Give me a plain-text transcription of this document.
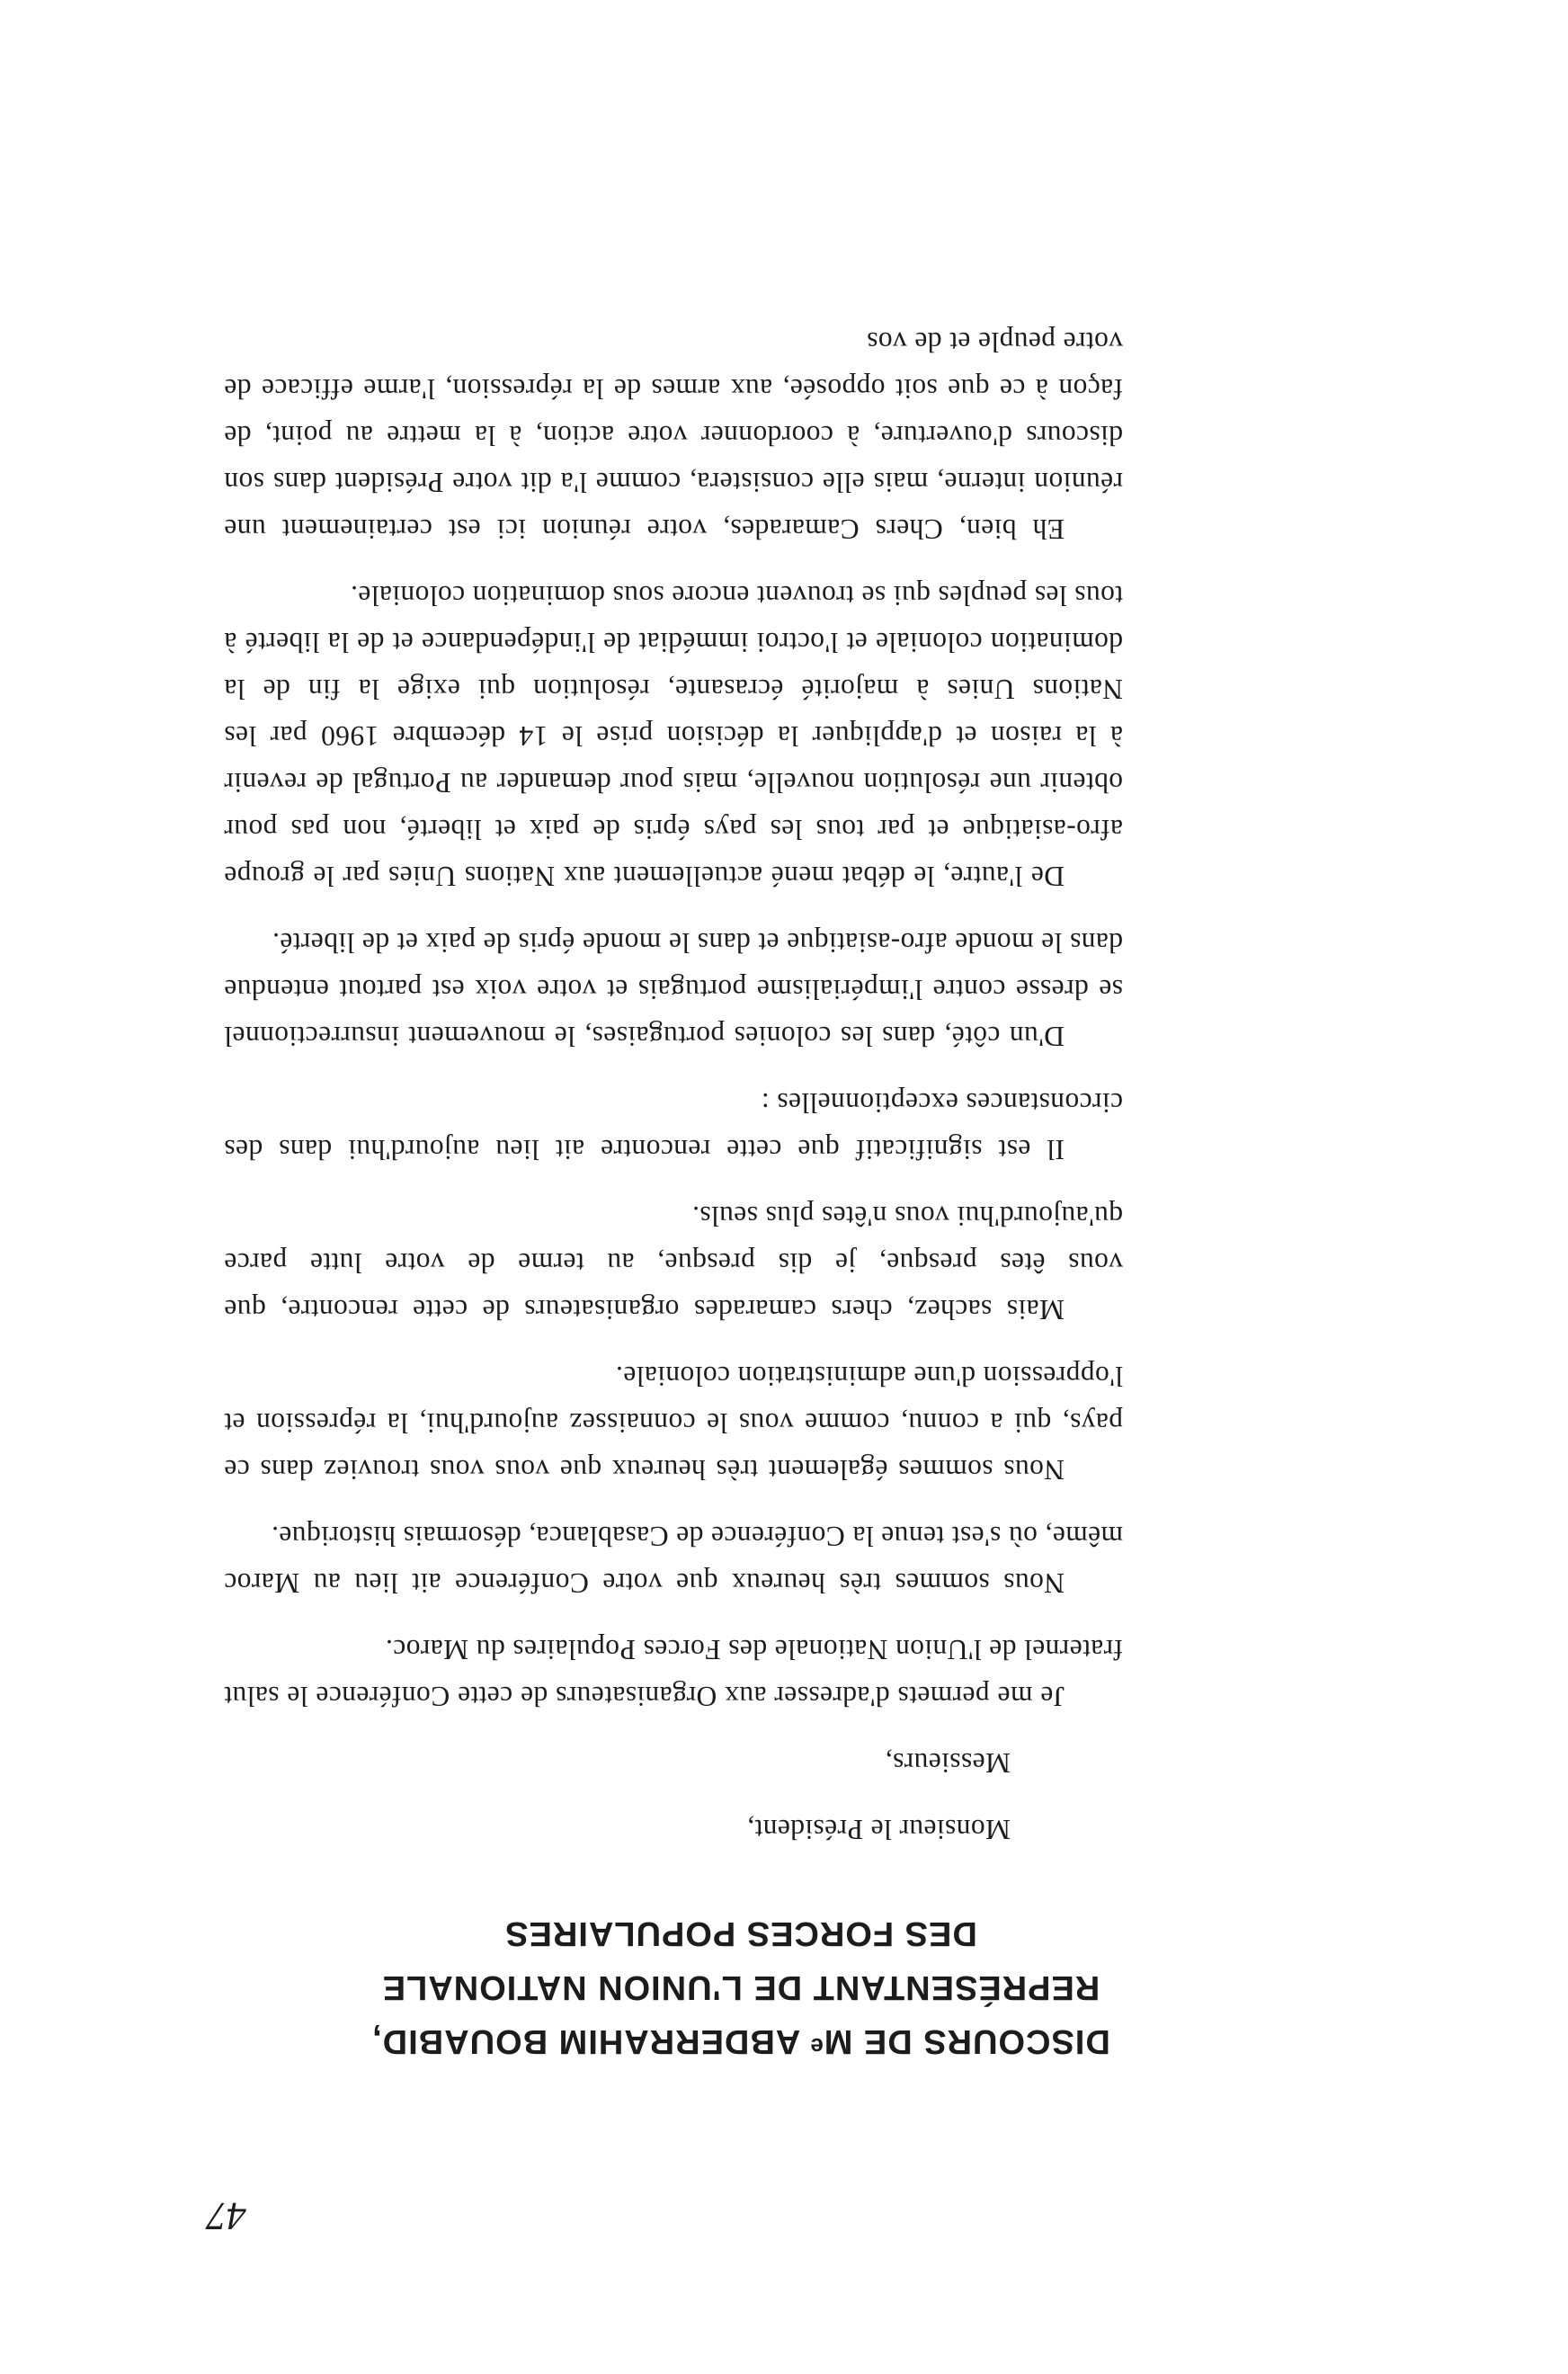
47
DISCOURS DE Mᵉ ABDERRAHIM BOUABID,
REPRÉSENTANT DE L'UNION NATIONALE
DES FORCES POPULAIRES

Monsieur le Président,

Messieurs,

Je me permets d'adresser aux Organisateurs de cette Conférence le salut fraternel de l'Union Nationale des Forces Populaires du Maroc.

Nous sommes très heureux que votre Conférence ait lieu au Maroc même, où s'est tenue la Conférence de Casablanca, désormais historique.

Nous sommes également très heureux que vous vous trouviez dans ce pays, qui a connu, comme vous le connaissez aujourd'hui, la répression et l'oppression d'une administration coloniale.

Mais sachez, chers camarades organisateurs de cette rencontre, que vous êtes presque, je dis presque, au terme de votre lutte parce qu'aujourd'hui vous n'êtes plus seuls.

Il est significatif que cette rencontre ait lieu aujourd'hui dans des circonstances exceptionnelles :

D'un côté, dans les colonies portugaises, le mouvement insurrectionnel se dresse contre l'impérialisme portugais et votre voix est partout entendue dans le monde afro-asiatique et dans le monde épris de paix et de liberté.

De l'autre, le débat mené actuellement aux Nations Unies par le groupe afro-asiatique et par tous les pays épris de paix et liberté, non pas pour obtenir une résolution nouvelle, mais pour demander au Portugal de revenir à la raison et d'appliquer la décision prise le 14 décembre 1960 par les Nations Unies à majorité écrasante, résolution qui exige la fin de la domination coloniale et l'octroi immédiat de l'indépendance et de la liberté à tous les peuples qui se trouvent encore sous domination coloniale.

Eh bien, Chers Camarades, votre réunion ici est certainement une réunion interne, mais elle consistera, comme l'a dit votre Président dans son discours d'ouverture, à coordonner votre action, à la mettre au point, de façon à ce que soit opposée, aux armes de la répression, l'arme efficace de votre peuple et de vos
